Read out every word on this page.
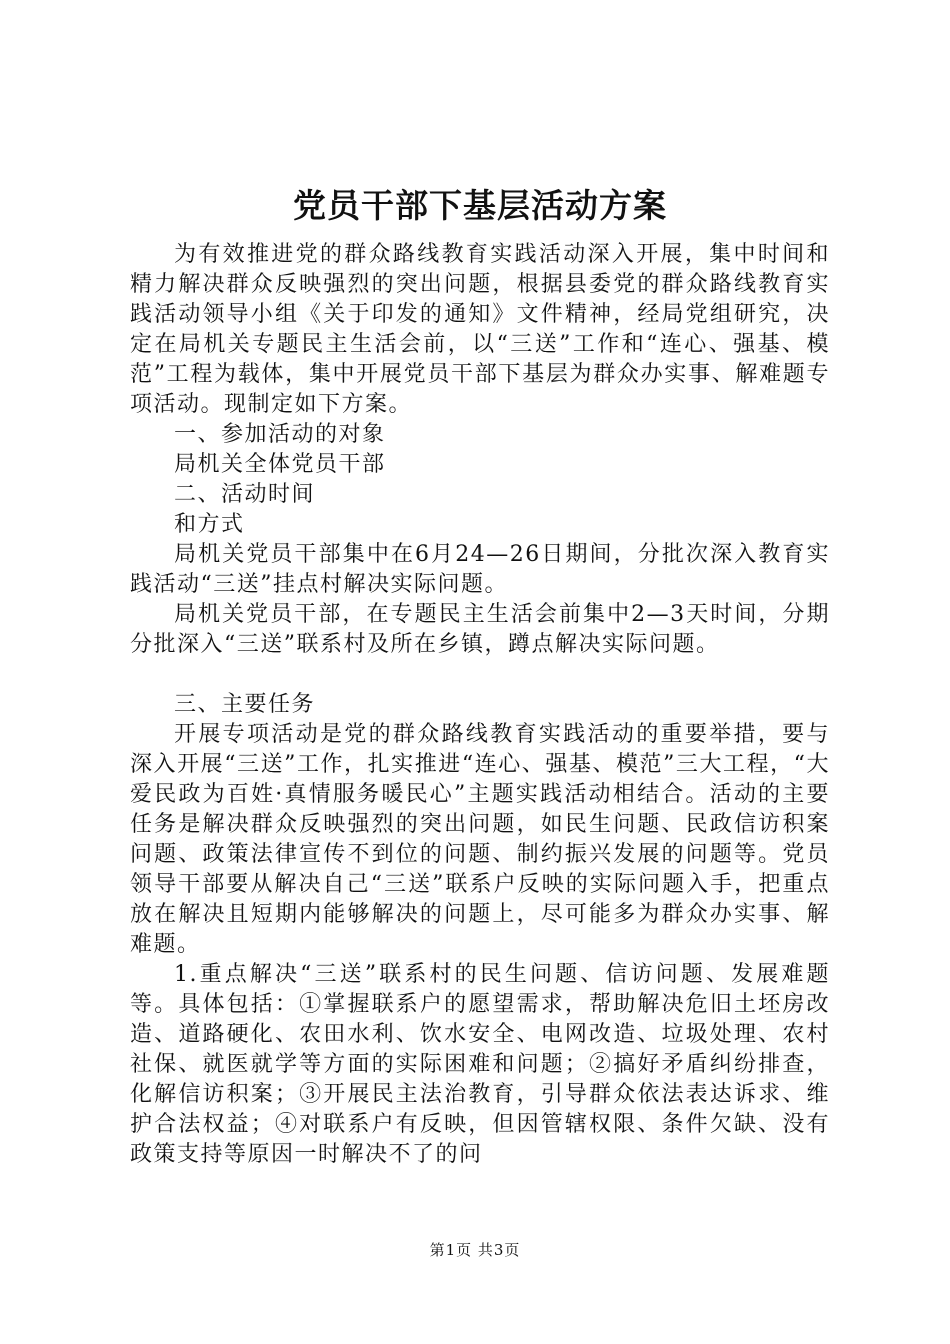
党员干部下基层活动方案

为有效推进党的群众路线教育实践活动深入开展，集中时间和精力解决群众反映强烈的突出问题，根据县委党的群众路线教育实践活动领导小组《关于印发的通知》文件精神，经局党组研究，决定在局机关专题民主生活会前，以“三送”工作和“连心、强基、模范”工程为载体，集中开展党员干部下基层为群众办实事、解难题专项活动。现制定如下方案。

一、参加活动的对象

局机关全体党员干部

二、活动时间

和方式

局机关党员干部集中在6月24—26日期间，分批次深入教育实践活动“三送”挂点村解决实际问题。

局机关党员干部，在专题民主生活会前集中2—3天时间，分期分批深入“三送”联系村及所在乡镇，蹲点解决实际问题。

三、主要任务

开展专项活动是党的群众路线教育实践活动的重要举措，要与深入开展“三送”工作，扎实推进“连心、强基、模范”三大工程，“大爱民政为百姓·真情服务暖民心”主题实践活动相结合。活动的主要任务是解决群众反映强烈的突出问题，如民生问题、民政信访积案问题、政策法律宣传不到位的问题、制约振兴发展的问题等。党员领导干部要从解决自己“三送”联系户反映的实际问题入手，把重点放在解决且短期内能够解决的问题上，尽可能多为群众办实事、解难题。

1.重点解决“三送”联系村的民生问题、信访问题、发展难题等。具体包括：①掌握联系户的愿望需求，帮助解决危旧土坯房改造、道路硬化、农田水利、饮水安全、电网改造、垃圾处理、农村社保、就医就学等方面的实际困难和问题；②搞好矛盾纠纷排查，化解信访积案；③开展民主法治教育，引导群众依法表达诉求、维护合法权益；④对联系户有反映，但因管辖权限、条件欠缺、没有政策支持等原因一时解决不了的问

第1页 共3页
